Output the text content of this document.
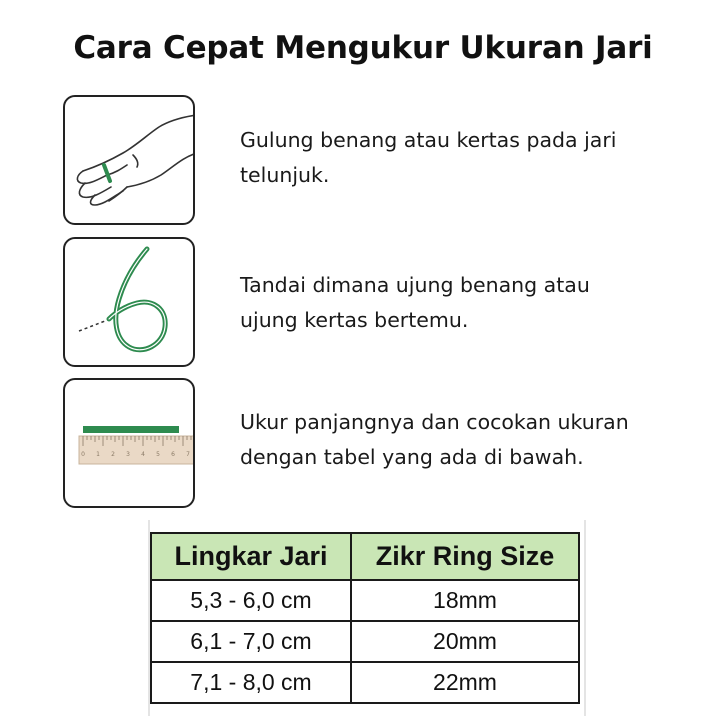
Cara Cepat Mengukur Ukuran Jari
Gulung benang atau kertas pada jari
telunjuk.
Tandai dimana ujung benang atau
ujung kertas bertemu.
0 1 2 3 4 5 6 7
Ukur panjangnya dan cocokan ukuran
dengan tabel yang ada di bawah.
Lingkar Jari	Zikr Ring Size
5,3 - 6,0 cm	18mm
6,1 - 7,0 cm	20mm
7,1 - 8,0 cm	22mm
